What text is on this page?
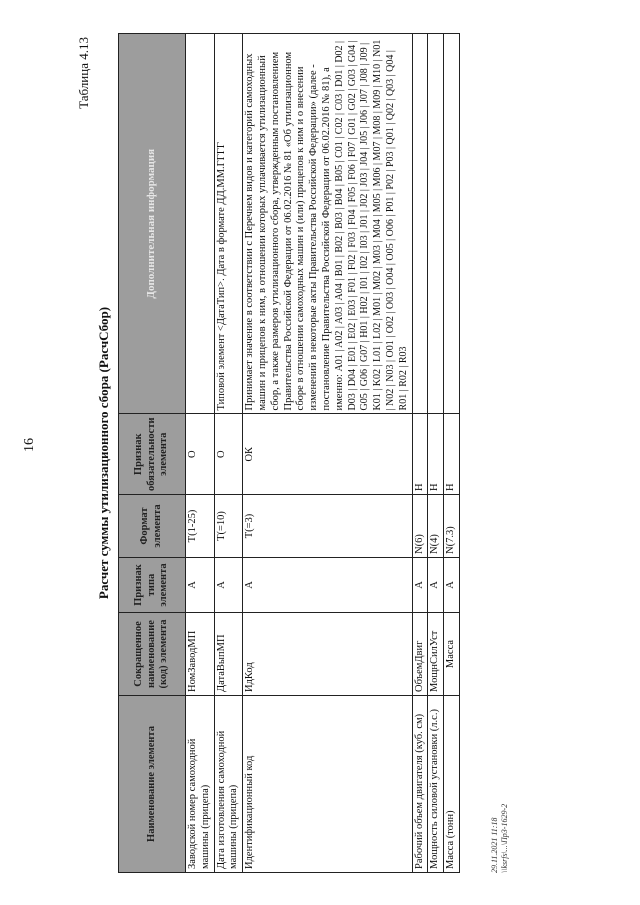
16
Таблица 4.13
Расчет суммы утилизационного сбора (РасчСбор)
Наименование элемента	Сокращенное наименование (код) элемента	Признак типа элемента	Формат элемента	Признак обязательности элемента	Дополнительная информация
Заводской номер самоходной машины (прицепа)	НомЗаводМП	А	T(1-25)	О	
Дата изготовления самоходной машины (прицепа)	ДатаВыпМП	А	T(=10)	О	Типовой элемент <ДатаТип>. Дата в формате ДД.ММ.ГГГГ
Идентификационный код	ИдКод	А	T(=3)	ОК	Принимает значение в соответствии с Перечнем видов и категорий самоходных машин и прицепов к ним, в отношении которых уплачивается утилизационный сбор, а также размеров утилизационного сбора, утвержденным постановлением Правительства Российской Федерации от 06.02.2016 № 81 «Об утилизационном сборе в отношении самоходных машин и (или) прицепов к ним и о внесении изменений в некоторые акты Правительства Российской Федерации» (далее - постановление Правительства Российской Федерации от 06.02.2016 № 81), а именно: A01 | A02 | A03 | A04 | B01 | B02 | B03 | B04 | B05 | C01 | C02 | C03 | D01 | D02 | D03 | D04 | E01 | E02 | E03 | F01 | F02 | F03 | F04 | F05 | F06 | F07 | G01 | G02 | G03 | G04 | G05 | G06 | G07 | H01 | H02 | I01 | I02 | I03 | J01 | J02 | J03 | J04 | J05 | J06 | J07 | J08 | J09 | K01 | K02 | L01 | L02 | M01 | M02 | M03 | M04 | M05 | M06 | M07 | M08 | M09 | M10 | N01 | N02 | N03 | O01 | O02 | O03 | O04 | O05 | O06 | P01 | P02 | P03 | Q01 | Q02 | Q03 | Q04 | R01 | R02 | R03
Рабочий объем двигателя (куб. см)	ОбъемДвиг	А	N(6)	Н	
Мощность силовой установки (л.с.)	МощнСилУст	А	N(4)	Н	
Масса (тонн)	Масса	А	N(7.3)	Н	
29.11.2021 11:18 \\ksrfs\...\Пр3-1629-2
